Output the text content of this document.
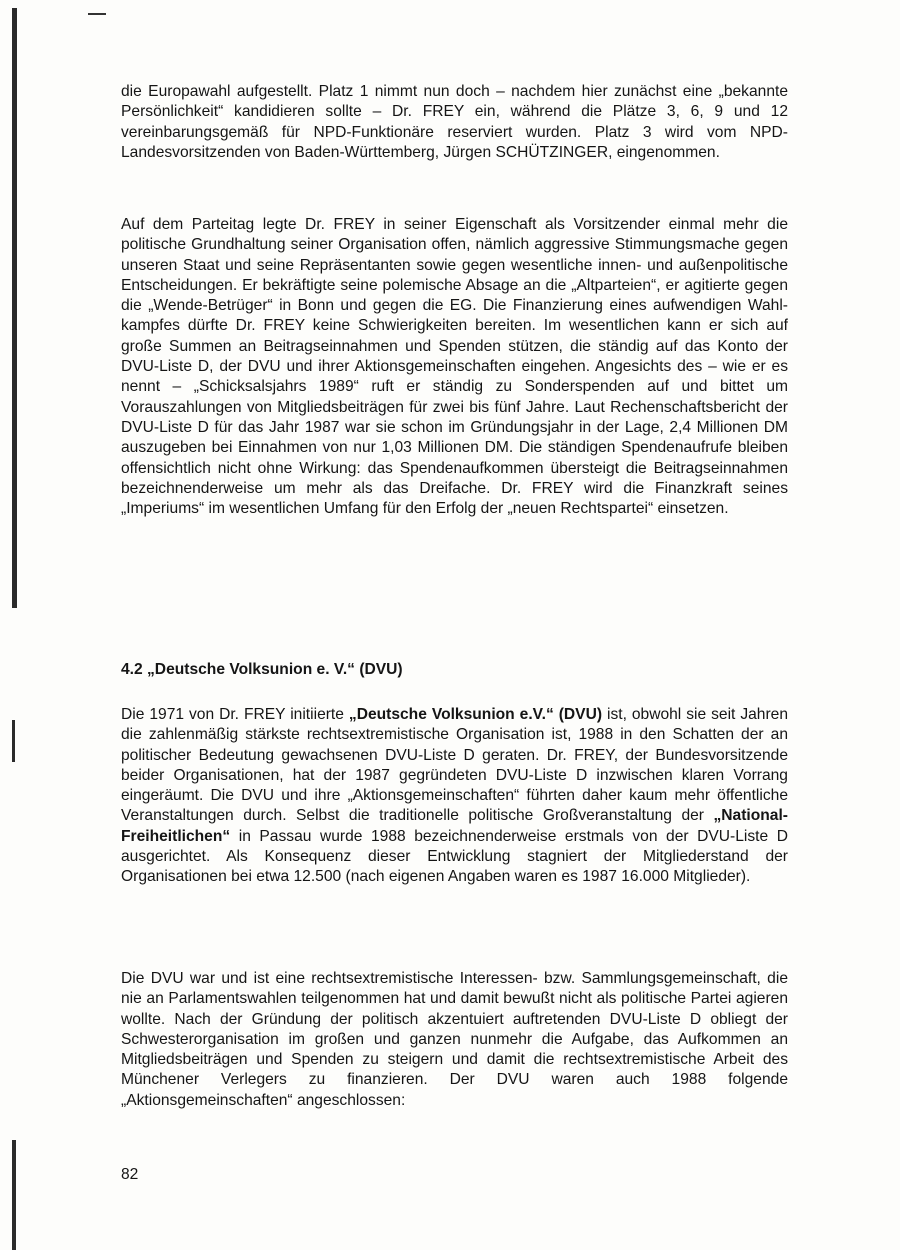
die Europawahl aufgestellt. Platz 1 nimmt nun doch – nachdem hier zunächst eine „bekannte Persönlichkeit“ kandidieren sollte – Dr. FREY ein, während die Plätze 3, 6, 9 und 12 vereinbarungsgemäß für NPD-Funktionäre reserviert wurden. Platz 3 wird vom NPD-Landesvorsitzenden von Baden-Württemberg, Jürgen SCHÜTZINGER, eingenommen.

Auf dem Parteitag legte Dr. FREY in seiner Eigenschaft als Vorsitzender einmal mehr die politische Grundhaltung seiner Organisation offen, nämlich aggressive Stimmungsmache gegen unseren Staat und seine Repräsentanten sowie gegen wesentliche innen- und außenpolitische Entscheidungen. Er bekräftigte seine polemische Absage an die „Altparteien“, er agitierte gegen die „Wende-Betrüger“ in Bonn und gegen die EG. Die Finanzierung eines aufwendigen Wahlkampfes dürfte Dr. FREY keine Schwierigkeiten bereiten. Im wesentlichen kann er sich auf große Summen an Beitragseinnahmen und Spenden stützen, die ständig auf das Konto der DVU-Liste D, der DVU und ihrer Aktionsgemeinschaften eingehen. Angesichts des – wie er es nennt – „Schicksalsjahrs 1989“ ruft er ständig zu Sonderspenden auf und bittet um Vorauszahlungen von Mitgliedsbeiträgen für zwei bis fünf Jahre. Laut Rechenschaftsbericht der DVU-Liste D für das Jahr 1987 war sie schon im Gründungsjahr in der Lage, 2,4 Millionen DM auszugeben bei Einnahmen von nur 1,03 Millionen DM. Die ständigen Spendenaufrufe bleiben offensichtlich nicht ohne Wirkung: das Spendenaufkommen übersteigt die Beitragseinnahmen bezeichnenderweise um mehr als das Dreifache. Dr. FREY wird die Finanzkraft seines „Imperiums“ im wesentlichen Umfang für den Erfolg der „neuen Rechtspartei“ einsetzen.

4.2 „Deutsche Volksunion e. V.“ (DVU)

Die 1971 von Dr. FREY initiierte „Deutsche Volksunion e.V.“ (DVU) ist, obwohl sie seit Jahren die zahlenmäßig stärkste rechtsextremistische Organisation ist, 1988 in den Schatten der an politischer Bedeutung gewachsenen DVU-Liste D geraten. Dr. FREY, der Bundesvorsitzende beider Organisationen, hat der 1987 gegründeten DVU-Liste D inzwischen klaren Vorrang eingeräumt. Die DVU und ihre „Aktionsgemeinschaften“ führten daher kaum mehr öffentliche Veranstaltungen durch. Selbst die traditionelle politische Großveranstaltung der „National-Freiheitlichen“ in Passau wurde 1988 bezeichnenderweise erstmals von der DVU-Liste D ausgerichtet. Als Konsequenz dieser Entwicklung stagniert der Mitgliederstand der Organisationen bei etwa 12.500 (nach eigenen Angaben waren es 1987 16.000 Mitglieder).

Die DVU war und ist eine rechtsextremistische Interessen- bzw. Sammlungsgemeinschaft, die nie an Parlamentswahlen teilgenommen hat und damit bewußt nicht als politische Partei agieren wollte. Nach der Gründung der politisch akzentuiert auftretenden DVU-Liste D obliegt der Schwesterorganisation im großen und ganzen nunmehr die Aufgabe, das Aufkommen an Mitgliedsbeiträgen und Spenden zu steigern und damit die rechtsextremistische Arbeit des Münchener Verlegers zu finanzieren. Der DVU waren auch 1988 folgende „Aktionsgemeinschaften“ angeschlossen:

82
